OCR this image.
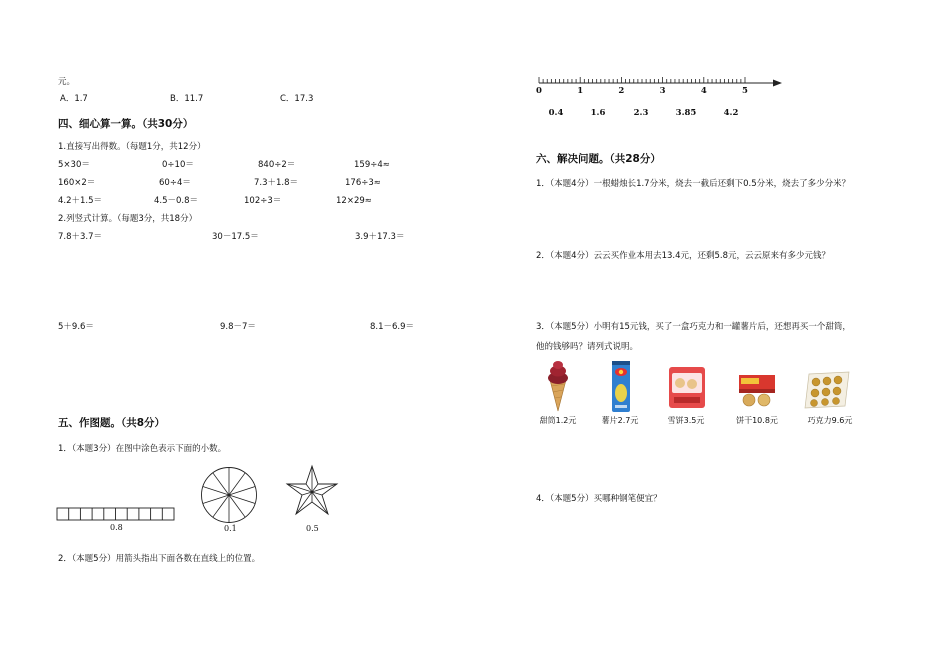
元。
A．1.7	B．11.7	C．17.3
四、细心算一算。（共30分）
1.直接写出得数。（每题1分，共12分）
5×30＝	0÷10＝	840÷2＝	159÷4≈
160×2＝	60÷4＝	7.3＋1.8＝	176÷3≈
4.2＋1.5＝	4.5－0.8＝	102÷3＝	12×29≈
2.列竖式计算。（每题3分，共18分）
7.8＋3.7＝	30－17.5＝	3.9＋17.3＝
5＋9.6＝	9.8－7＝	8.1－6.9＝
五、作图题。（共8分）
1．（本题3分）在图中涂色表示下面的小数。
0.8	0.1	0.5
2．（本题5分）用箭头指出下面各数在直线上的位置。
0	1	2	3	4	5
0.4	1.6	2.3	3.85	4.2
六、解决问题。（共28分）
1．（本题4分）一根蜡烛长1.7分米，烧去一截后还剩下0.5分米，烧去了多少分米？
2．（本题4分）云云买作业本用去13.4元，还剩5.8元，云云原来有多少元钱？
3．（本题5分）小明有15元钱，买了一盒巧克力和一罐薯片后，还想再买一个甜筒，
他的钱够吗？请列式说明。
甜筒1.2元	薯片2.7元	雪饼3.5元	饼干10.8元	巧克力9.6元
4．（本题5分）买哪种钢笔便宜？
